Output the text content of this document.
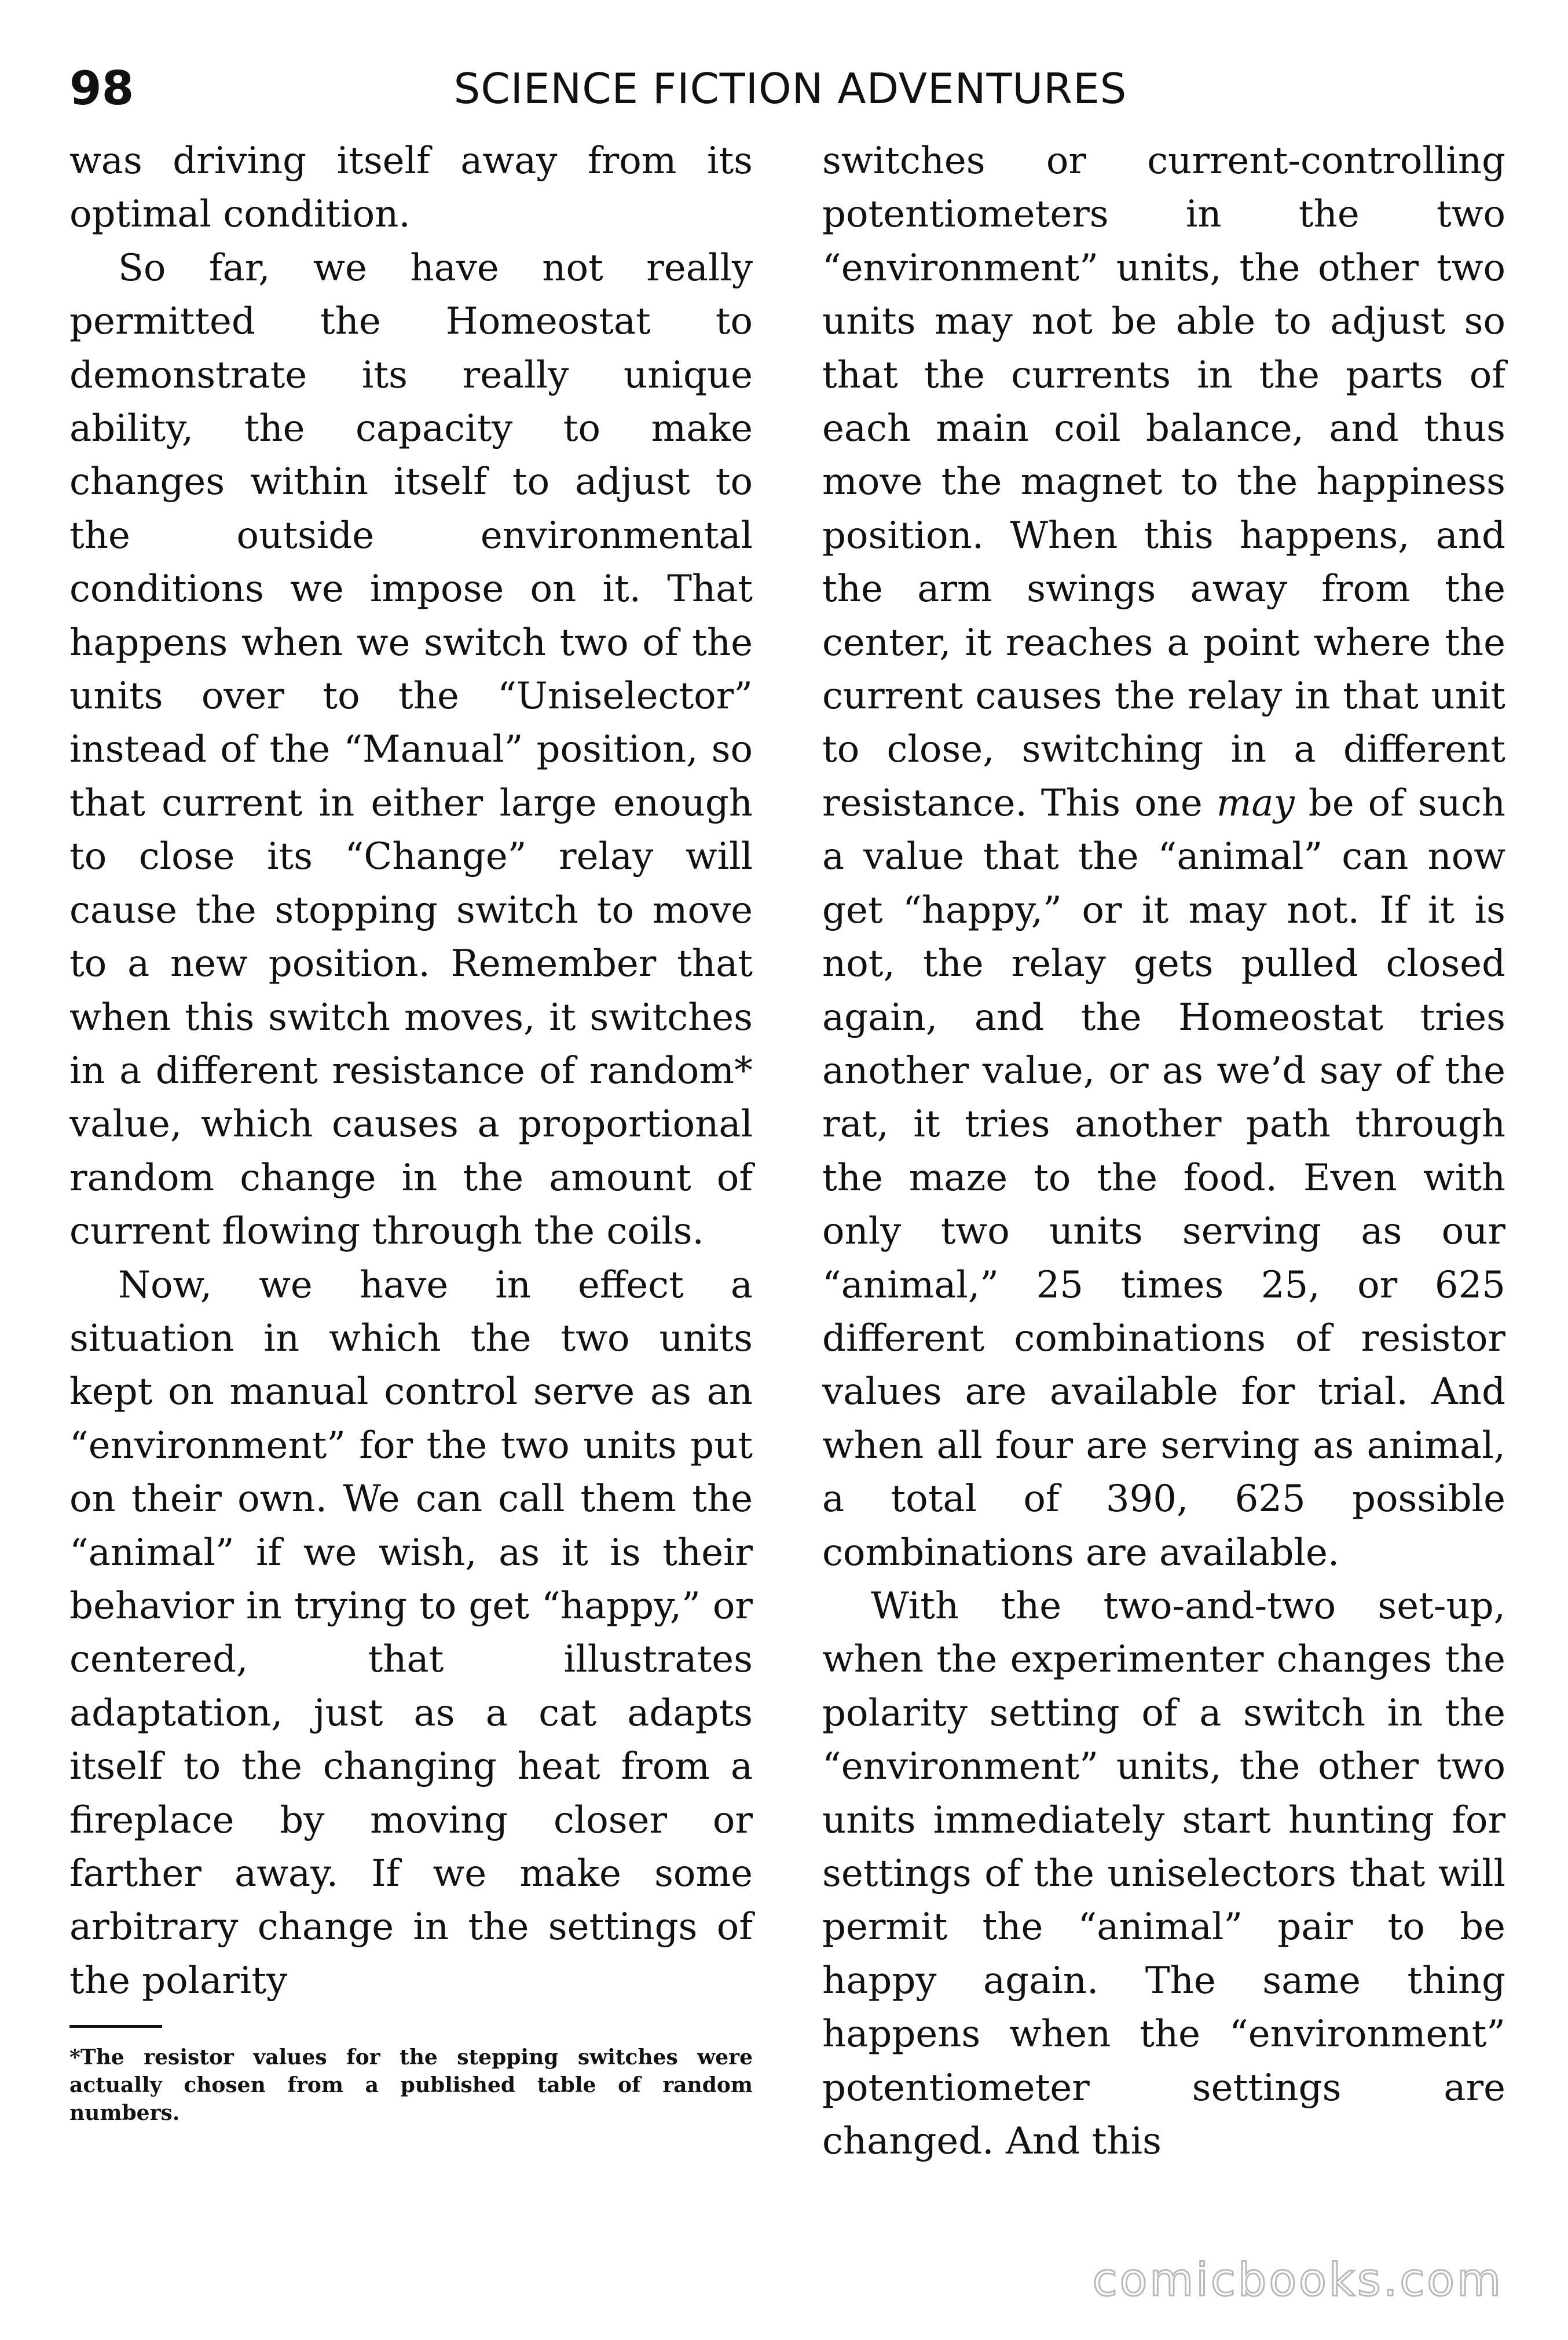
98	SCIENCE FICTION ADVENTURES

was driving itself away from its optimal condition.

So far, we have not really permitted the Homeostat to demonstrate its really unique ability, the capacity to make changes within itself to adjust to the outside environmental conditions we impose on it. That happens when we switch two of the units over to the “Uniselector” instead of the “Manual” position, so that current in either large enough to close its “Change” relay will cause the stopping switch to move to a new position. Remember that when this switch moves, it switches in a different resistance of random* value, which causes a proportional random change in the amount of current flowing through the coils.

Now, we have in effect a situation in which the two units kept on manual control serve as an “environment” for the two units put on their own. We can call them the “animal” if we wish, as it is their behavior in trying to get “happy,” or centered, that illustrates adaptation, just as a cat adapts itself to the changing heat from a fireplace by moving closer or farther away. If we make some arbitrary change in the settings of the polarity

switches or current-controlling potentiometers in the two “environment” units, the other two units may not be able to adjust so that the currents in the parts of each main coil balance, and thus move the magnet to the happiness position. When this happens, and the arm swings away from the center, it reaches a point where the current causes the relay in that unit to close, switching in a different resistance. This one may be of such a value that the “animal” can now get “happy,” or it may not. If it is not, the relay gets pulled closed again, and the Homeostat tries another value, or as we’d say of the rat, it tries another path through the maze to the food. Even with only two units serving as our “animal,” 25 times 25, or 625 different combinations of resistor values are available for trial. And when all four are serving as animal, a total of 390, 625 possible combinations are available.

With the two-and-two set-up, when the experimenter changes the polarity setting of a switch in the “environment” units, the other two units immediately start hunting for settings of the uniselectors that will permit the “animal” pair to be happy again. The same thing happens when the “environment” potentiometer settings are changed. And this

*The resistor values for the stepping switches were actually chosen from a published table of random numbers.
comicbooks.com
